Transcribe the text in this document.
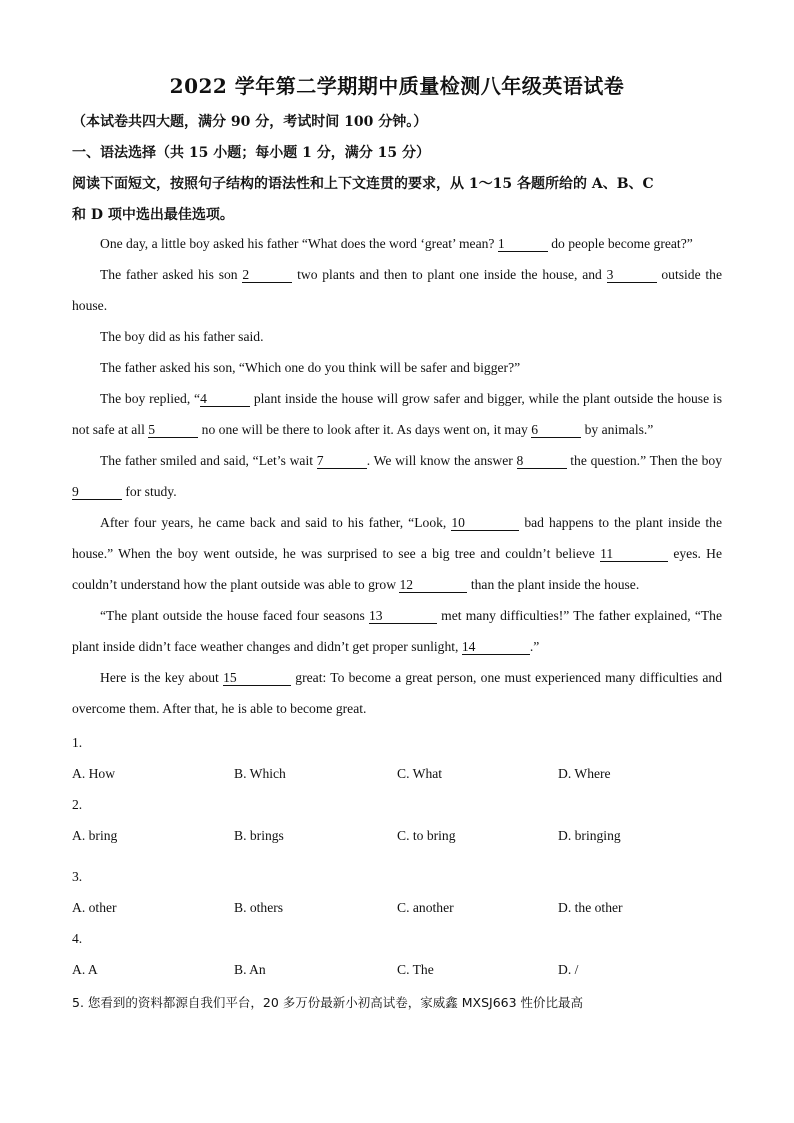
2022 学年第二学期期中质量检测八年级英语试卷
（本试卷共四大题，满分 90 分，考试时间 100 分钟。）
一、语法选择（共 15 小题；每小题 1 分，满分 15 分）
阅读下面短文，按照句子结构的语法性和上下文连贯的要求，从 1～15 各题所给的 A、B、C
和 D 项中选出最佳选项。

One day, a little boy asked his father “What does the word ‘great’ mean? 1	do people become great?”

The father asked his son 2	two plants and then to plant one inside the house, and 3	outside the house.

The boy did as his father said.

The father asked his son, “Which one do you think will be safer and bigger?”

The boy replied, “4	plant inside the house will grow safer and bigger, while the plant outside the house is not safe at all 5	no one will be there to look after it. As days went on, it may 6	by animals.”

The father smiled and said, “Let’s wait 7	. We will know the answer 8	the question.” Then the boy 9	for study.

After four years, he came back and said to his father, “Look, 10	bad happens to the plant inside the house.” When the boy went outside, he was surprised to see a big tree and couldn’t believe 11	eyes. He couldn’t understand how the plant outside was able to grow 12	than the plant inside the house.

“The plant outside the house faced four seasons 13	met many difficulties!” The father explained, “The plant inside didn’t face weather changes and didn’t get proper sunlight, 14	.”

Here is the key about 15	great: To become a great person, one must experienced many difficulties and overcome them. After that, he is able to become great.

1.
A. How	B. Which	C. What	D. Where
2.
A. bring	B. brings	C. to bring	D. bringing
3.
A. other	B. others	C. another	D. the other
4.
A. A	B. An	C. The	D. /
5. 您看到的资料都源自我们平台，20 多万份最新小初高试卷，家威鑫 MXSJ663 性价比最高
